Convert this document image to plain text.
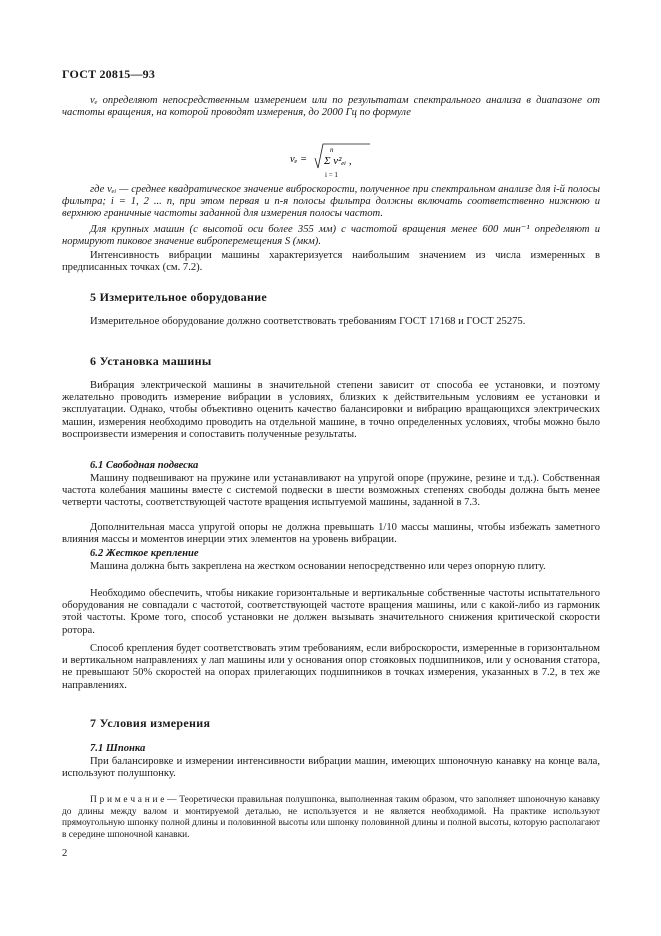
ГОСТ 20815—93
vₑ определяют непосредственным измерением или по результатам спектрального анализа в диапазоне от частоты вращения, на которой проводят измерения, до 2000 Гц по формуле
vₑ =
n
Σ v²ₑᵢ ,
i = 1
где vₑᵢ — среднее квадратическое значение виброскорости, полученное при спектральном анализе для i-й полосы фильтра; i = 1, 2 ... n, при этом первая и n-я полосы фильтра должны включать соответственно нижнюю и верхнюю граничные частоты заданной для измерения полосы частот.
Для крупных машин (с высотой оси более 355 мм) с частотой вращения менее 600 мин⁻¹ определяют и нормируют пиковое значение виброперемещения S (мкм).
Интенсивность вибрации машины характеризуется наибольшим значением из числа измеренных в предписанных точках (см. 7.2).
5 Измерительное оборудование
Измерительное оборудование должно соответствовать требованиям ГОСТ 17168 и ГОСТ 25275.
6 Установка машины
Вибрация электрической машины в значительной степени зависит от способа ее установки, и поэтому желательно проводить измерение вибрации в условиях, близких к действительным условиям ее установки и эксплуатации. Однако, чтобы объективно оценить качество балансировки и вибрацию вращающихся электрических машин, измерения необходимо проводить на отдельной машине, в точно определенных условиях, чтобы можно было воспроизвести измерения и сопоставить полученные результаты.
6.1 Свободная подвеска
Машину подвешивают на пружине или устанавливают на упругой опоре (пружине, резине и т.д.). Собственная частота колебания машины вместе с системой подвески в шести возможных степенях свободы должна быть менее четверти частоты, соответствующей частоте вращения испытуемой машины, заданной в 7.3.
Дополнительная масса упругой опоры не должна превышать 1/10 массы машины, чтобы избежать заметного влияния массы и моментов инерции этих элементов на уровень вибрации.
6.2 Жесткое крепление
Машина должна быть закреплена на жестком основании непосредственно или через опорную плиту.
Необходимо обеспечить, чтобы никакие горизонтальные и вертикальные собственные частоты испытательного оборудования не совпадали с частотой, соответствующей частоте вращения машины, или с какой-либо из гармоник этой частоты. Кроме того, способ установки не должен вызывать значительного снижения критической скорости ротора.
Способ крепления будет соответствовать этим требованиям, если виброскорости, измеренные в горизонтальном и вертикальном направлениях у лап машины или у основания опор стояковых подшипников, или у основания статора, не превышают 50% скоростей на опорах прилегающих подшипников в точках измерения, указанных в 7.2, в тех же направлениях.
7 Условия измерения
7.1 Шпонка
При балансировке и измерении интенсивности вибрации машин, имеющих шпоночную канавку на конце вала, используют полушпонку.

П р и м е ч а н и е — Теоретически правильная полушпонка, выполненная таким образом, что заполняет шпоночную канавку до длины между валом и монтируемой деталью, не используется и не является необходимой. На практике используют прямоугольную шпонку полной длины и половинной высоты или шпонку половинной длины и полной высоты, которую располагают в середине шпоночной канавки.

2
